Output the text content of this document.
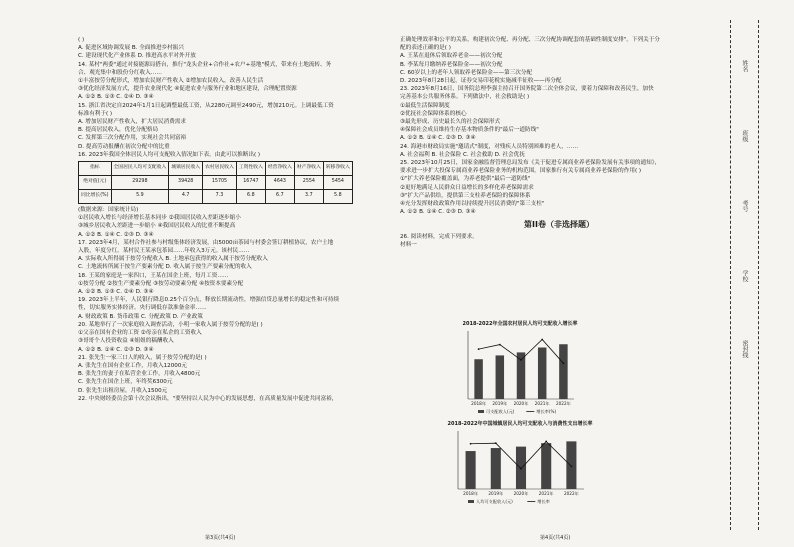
( )
A. 促进区域协调发展 B. 全面推进乡村振兴
C. 建设现代化产业体系 D. 推进高水平对外开放
14. 某村"两委"通过对接能源局搭台，推行"龙头企业+合作社+农户+基地"模式，带来有土地流转、务
合、观光集中和股份分红收入……
①丰富按劳分配形式，增加农民财产性收入 ②增加农民收入，改善人民生活
③优化经济发展方式，提升农业现代化 ④促进农业与服务行业和地区建设，合理配置资源
A. ①② B. ①③ C. ②④ D. ③④
15. 浙江省决定自2024年1月1日起调整最低工资，从2280元调至2490元，增加210元。上调最低工资
标准有利于( )
A. 增加居民财产性收入，扩大居民消费需求
B. 提高居民收入，优化分配格局
C. 发挥第三次分配作用，实现社会共同富裕
D. 提高劳动报酬在初次分配中的比重
16. 2023年我国全体居民人均可支配收入情况如下表。由此可以推断出( )
指标	全国居民人均可支配收入	城镇居民收入	农村居民收入	工资性收入	经营净收入	财产净收入	转移净收入
绝对值(元)	29298	39428	15705	16747	4643	2554	5454
同比增长(%)	5.9	4.7	7.3	6.8	6.7	3.7	5.8
(数据来源：国家统计局)
①居民收入增长与经济增长基本同步 ②我国居民收入差距逐步缩小
③城乡居民收入差距进一步缩小 ④我国居民收入的比重不断提高
A. ①② B. ①④ C. ②③ D. ③④
17. 2023年4月，某村合作社参与村级集体经济发展，由5000亩茶园与村委会签订耕植协议，农户土地
入股，年度分红。某村民王某承包茶园……年收入3万元。该村民……
A. 实际收入所得属于按劳分配收入 B. 土地承包获得的收入属于按劳分配收入
C. 土地流转所属于按生产要素分配 D. 收入属于按生产要素分配的收入
18. 王某的家庭是一家四口，王某在国企上班，每月工资……
①按劳分配 ②按生产要素分配 ③按劳动要素分配 ④按资本要素分配
A. ①② B. ①③ C. ②④ D. ③④
19. 2023年上半年，人民银行降息0.25个百分点，释放长期流动性，增强信贷总量增长的稳定性和可持续
性，切实服务实体经济。央行调低存款准备金率……
A. 财政政策 B. 货币政策 C. 分配政策 D. 产业政策
20. 某地举行了一次家庭收入调查活动，小明一家收入属于按劳分配的是( )
①父亲在国有企业的工资 ②母亲在私企的工资收入
③哥哥个人投资收益 ④姐姐的稿酬收入
A. ①② B. ①④ C. ②③ D. ③④
21. 张先生一家三口人的收入，属于按劳分配的是( )
A. 张先生在国有企业工作，月收入12000元
B. 张先生的妻子在私营企业工作，月收入4800元
C. 张先生在国企上班，年终奖6300元
D. 张先生出租房屋，月收入1500元
22. 中央财经委员会第十次会议指出，"要坚持以人民为中心的发展思想，在高质量发展中促进共同富裕，
第3页(共4页)
正确处理效率和公平的关系，构建初次分配、再分配、三次分配协调配套的基础性制度安排"。下列关于分
配的表述正确的是( )
A. 王某在退休后领取养老金——初次分配
B. 李某每月缴纳养老保险金——初次分配
C. 60岁以上的老年人领取养老保险金——第三次分配
D. 2023年8月28日起，证券交易印花税实施减半征收——再分配
23. 2023年8月16日，国务院总理李强主持召开国务院第二次全体会议，要着力保障和改善民生，加快
完善基本公共服务体系。下列做法中，社会救助是( )
①最低生活保障制度
②优抚社会保障体系的核心
③最先形成、历史最长久的社会保障形式
④保障社会成员维持生存基本物质条件的"最后一道防线"
A. ①② B. ①④ C. ②③ D. ③④
24. 海港市财政局实施"邀请式"制度，对残疾人员特别困难的老人，……
A. 社会福利 B. 社会保险 C. 社会救助 D. 社会优抚
25. 2023年10月25日，国家金融监督管理总局发布《关于促进专属商业养老保险发展有关事项的通知》，
要求进一步扩大投保专属商业养老保险业务的机构范围。国家推行有关专属商业养老保险的作用( )
①"扩大养老保险覆盖面，为养老提供"最后一道防线"
②更好地满足人民群众日益增长的多样化养老保障需求
③"扩大产品供给，提供第三支柱养老保险的保障体系
④充分发挥财政政策作用以持续提升居民消费的"第三支柱"
A. ①② B. ①④ C. ②③ D. ③④
第II卷（非选择题）
26. 阅读材料，完成下列要求。
材料一
2018-2022年全国农村居民人均可支配收入增长率
2018年 2019年 2020年 2021年 2022年
可支配收入(元)	增长率(%)
2018-2022年中国城镇居民人均可支配收入与消费性支出增长率
2018年 2019年 2020年 2021年 2022年
人均可支配收入(元)	增长率
第4页(共4页)
姓名
班级
考号
学校
密封线
